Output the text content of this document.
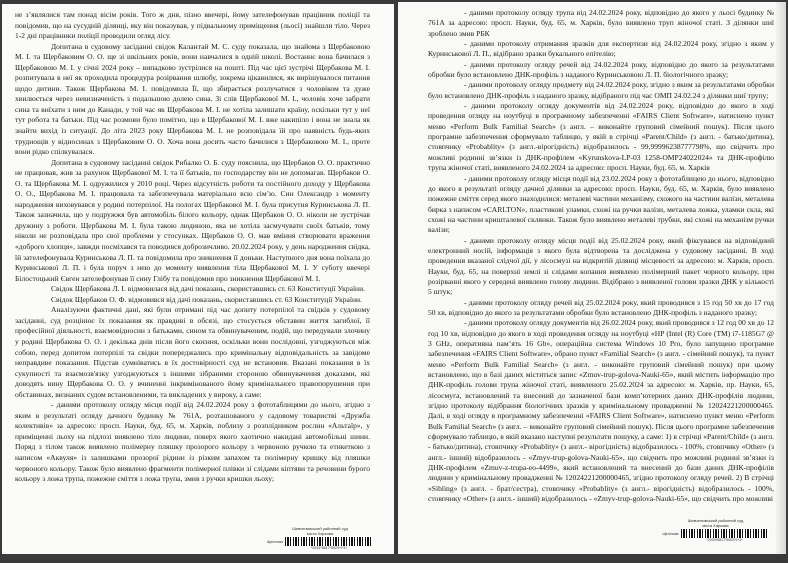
не з’являлися там понад вісім років. Того ж дня, пізно ввечері, йому зателефонував працівник поліції та повідомив, що на сусудній ділянці, яку він показував, у підвальному приміщення (льосі) знайшли тіло. Через 1-2 дні працівники поліції проводили огляд лісу.

Допитана в судовому засіданні свідок Калантай М. С. суду показала, що знайома з Щербаковою М. І. та Щербаковим О. О. ще зі шкільних років, вони навчалися в одній школі. Востаннє вона бачилася з Щербаковою М. І. у січні 2024 року – випадково зустрілися на пошті. Під час цієї зустрічі Щербакова М. І. розпитувала в неї як проходила процедура розірвання шлюбу, зокрема цікавилися, як вирішувалося питання щодо дитини. Також Щербакова М. І. повідомила Її, що збирається розлучатися з чоловіком та дуже хвилюється через невизначеність з подальшою долею сина. Зі слів Щербакової М. І., чоловік хоче забрати сина та виїхати з ним до Канади, у той час як Щербакова М. І. не хотіла залишати країну, оскільки тут у неї тут робота та батьки. Під час розмови було помітно, що в Щербакової М. І. вже накипіло і вона не знала як знайти вихід із ситуації. До літа 2023 року Щербакова М. І. не розповідала їй про наявність будь-яких труднощів у відносинах з Щербаковим О. О. Хоча вона досить часто бачилися з Щербаковою М. І., проте вони рідко спілкувалася.

Допитана в судовому засіданні свідок Рибалко О. Б. суду пояснила, що Щербаков О. О. практично не працював, жив за рахунок Щербакової М. І. та її батьків, по господарству він не допомагав. Щербаков О. О. та Щербакова М. І. одружилися у 2010 році. Через відсутність роботи та постійного доходу у Щербакова О. О., Щербакова М. І. працювала та забезпечувала матеріально всю сім’ю. Син Олександр з моменту народження виховувався у родині потерпілої. На пологах Щербакової М. І. була присутня Куринськова Л. П. Також зазначила, що у подружжя був автомобіль білого кольору, однак Щербаков О. О. ніколи не зустрічав дружину з роботи. Щербакова М. І. була такою людиною, яка не хотіла засмучувати своїх батьків, тому ніколи не розповідала про свої проблеми у стосунках. Щербаков О. О. мав вміння створювати враження «доброго хлопця», завжди посміхався та поводився доброзичливо. 20.02.2024 року, у день народження свідка, їй зателефонувала Куринськова Л. П. та повідомила про зникнення її доньки. Наступного дня вона поїхала до Куринськової Л. П. і була поруч з нею до моменту виявлення тіла Щербакової М. І. У суботу ввечері Білостоцький Євген зателефонував її сину Глібу та повідомив про зникнення Щербакової М. І.

Свідок Щербакова Л. І. відмовилася від дачі показань, скориставшись ст. 63 Конституції України.

Свідок Щербаков О. Ф. відмовився від дачі показань, скориставшись ст. 63 Конституції України.

Аналізуючи фактичні дані, які були отримані під час допиту потерпілої та свідків у судовому засіданні, суд розцінює їх показання як правдиві в обсязі, що стосується обставин життя загиблої, її професійної діяльності, взаємовідносин з батьками, сином та обвинуваченим, подій, що передували злочину у родині Щербакова О. О. і декілька днів після його скоєння, оскільки вони послідовні, узгоджуються між собою, перед допитом потерпілі та свідки попереджались про кримінальну відповідальність за завідоме неправдиве показання. Підстав сумніватись в їх достовірності суд не встановив. Вказані показання в їх сукупності та взаємозв'язку узгоджуються з іншими зібраними стороною обвинувачення доказами, які доводять вину Щербакова О. О. у вчиненні інкримінованого йому кримінального правопорушення при обставинах, визнаних судом встановленими, та викладених у вироку, а саме:

- даними протоколу огляду місця події від 24.02.2024 року з фототаблицями до нього, згідно з яким в результаті огляду дачного будинку № 761А, розташованого у садовому товаристві «Дружба колективів» за адресою: просп. Науки, буд. 65, м. Харків, поблизу з розплідником рослин «Альтаїр», у приміщенні льоху на підлозі виявлено тіло людини, поверх якого хаотично накидані автомобільні шини. Поряд з тілом також виявлено полімерну пляшку прозорого кольору з червоною ручкою та етикеткою з написом «Аквуля» із залишками прозорої рідини із різким запахом та полімерну кришку від пляшки червоного кольору. Також було виявлено фрагменти полімерної плівки зі слідами кіптяви та речовини бурого кольору з ложа трупа, пожежне сміття з ложа трупа, змив з ручки кришки льоху;

Шевченківський районний суд
міста Харкова
Щепілова
*2033*5817*5923*1*1*

- даними протоколу огляду трупа від 24.02.2024 року, відповідно до якого у льосі будинку № 761А за адресою: просп. Науки, буд. 65, м. Харків, було виявлено труп жіночої статі. З ділянки шиї зроблено змив РБК

- даними протоколу отримання зразків для експертизи від 24.02.2024 року, згідно з яким у Куринськової Л. П., відібрано зразки букального епітелію;

- даними протоколу огляду речей від 24.02.2024 року, відповідно до якого за результатами обробки було встановлено ДНК-профіль з наданого Куринськовою Л. П. біологічного зразку;

- даними протоколу огляду предмету від 24.02.2024 року, згідно з яким за результатами обробки було встановлено ДНК-профіль з наданого зразку, відібраного під час ОМП 24.02.24 з ділянки шиї трупу;

- даними протоколу огляду документів від 24.02.2024 року, відповідно до якого в ході проведення огляду на ноутбуці в програмному забезпеченні «FAIRS Client Software», натиснено пункт меню «Perform Bulk Familial Search» (з англ. – виконайте груповий сімейний пошук). Після цього програмне забезпечення сформувало таблицю, у якій в стрічці «Parent/Child» (з англ. - батько/дитина), стовпчику «Probablity» (з англ.-вірогідність) відобразилось - 99,99996238777798%, що свідчить про можливі родинні зв’язки із ДНК-профілем «Kyrunskova-LP-03 1258-OMP24022024» та ДНК-профілю трупа жіночої статі, виявленого 24.02.2024 за адресою: просп. Науки, буд. 65, м. Харків

- даними протоколу огляду місця події від 23.02.2024 року з фототаблицею до нього, відповідно до якого в результаті огляду дачної ділянки за адресою: просп. Науки, буд. 65, м. Харків, було виявлено пожежне сміття серед якого знаходилися: металеві частини механізму, схожого на частини валізи, металева бирка з написом «CARLTON», пластикові уламки, схожі на ручки валізи, металева ложка, уламки скла, які схожі на частини кришталевої склянки. Також було виявлено металеві трубки, які схожі на механізм ручки валізи;

- даними протоколу огляду місця події від 25.02.2024 року, який фіксувався на відповідний електронний носій, інформація з якого була відтворена та досліджена у судовому засіданні. В ході проведення вказаної слідчої дії, у лісосмузі на відкритій ділянці місцевості за адресою: м. Харків, просп. Науки, буд. 65, на поверхні землі зі слідами копання виявлено полімерний пакет чорного кольору, при розірванні якого у середені виявлено голову людини. Відібрано з виявленої голови зразки ДНК у кількості 5 штук;

- даними протоколу огляду речей від 25.02.2024 року, який проводився з 15 год 50 хв до 17 год 50 хв, відповідно до якого за результатами обробки було встановлено ДНК-профіль з наданого зразку;

- даними протоколу огляду документів від 26.02.2024 року, який проводився з 12 год 00 хв до 12 год 10 хв, відповідно до якого в ході проведення огляду на ноутбуці «HP (Intel (R) Core (TM) i7-1185G7 @ 3 GHz, оперативна пам’ять 16 Gb», операційна система Windows 10 Pro, було запущено програмне забезпечення «FAIRS Client Software», обрано пункт «Familial Search» (з англ. - сімейний пошук), та пункт меню «Perform Bulk Familial Search» (з англ. - виконайте груповий сімейний пошук) при цьому встановлено, що в базі даних міститься запис «Zmuv-trup-golova-Nauki-65», який містить інформацію про ДНК-профіль голови трупа жіночої статі, виявленого 25.02.2024 за адресою: м. Харків, пр. Науки, 65, лісосмуга, встановлений та внесений до зазначеної бази комп’ютерних даних ДНК-профілів людини, згідно протоколу відібрання біологічних зразків у кримінальному провадженні № 12024221200000465. Далі, в ході огляду в програмному забезпеченні «FAIRS Client Software», натиснено пункт меню «Perform Bulk Familial Search» (з англ. – виконайте груповий сімейний пошук). Після цього програмне забезпечення сформувало таблицю, в якій вказано наступні результати пошуку, а саме: 1) в стрічці «Parent/Child» (з англ. - батько/дитина), стовпчику «Probablity» (з англ.- вірогідність) відобразилось - 100%, стовпчику «Other» (з англ.- інший) відобразилось - «Zmyv-trup-golova-Nauki-65», що свідчить про можливі родинні зв’язки із ДНК-профілем «Zmuv-z-trupa-eo-4499», який встановлений та внесений до бази даних ДНК-профілів людини у кримінальному провадженні № 12024221200000465, згідно протоколу огляду речей. 2) В стрічці «Sibling» (з англ. - брат/сестра), стовпчику «Probablity» (з англ.- вірогідність) відобразилось - 100%, стовпчику «Other» (з англ.- інший) відобразилось - «Zmyv-trup-golova-Nauki-65», що свідчить про можливі

Шевченківський районний суд
міста Харкова
Щепілова
*2033*5817*5923*1*1*
